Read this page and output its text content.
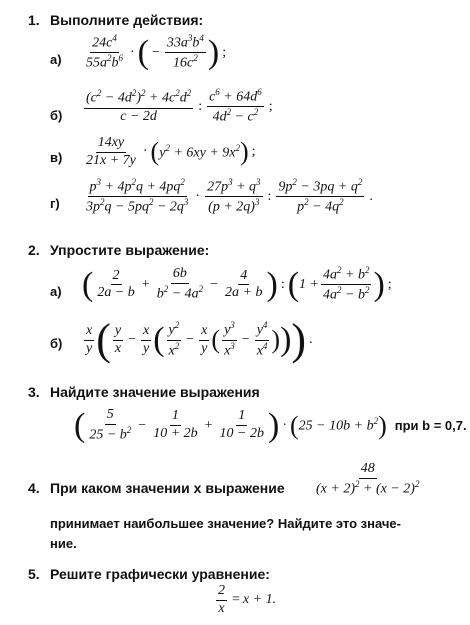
1. Выполните действия:
$а) \frac{24c^4}{55a^2b^6}$ · ( − $\frac{33a^3b^4}{16c^2}$ ) ;
$б) \frac{(c^2 - 4d^2)^2 + 4c^2d^2}{c - 2d}$ : $\frac{c^6 + 64d^6}{4d^2 - c^2}$ ;
$в) \frac{14xy}{21x + 7y}$ · ( $y^2 + 6xy + 9x^2$ ) ;
$г) \frac{p^3 + 4p^2q + 4pq^2}{3p^2q - 5pq^2 - 2q^3} \cdot \frac{27p^3 + q^3}{(p + 2q)^3}$ : $\frac{9p^2 - 3pq + q^2}{p^2 - 4q^2}$ .
2. Упростите выражение:
а) ( $\frac{2}{2a - b} + \frac{6b}{b^2 - 4a^2} - \frac{4}{2a + b}$ ) : ( $1 + \frac{4a^2 + b^2}{4a^2 - b^2}$ ) ;
$б) \frac{x}{y}$ ( $\frac{y}{x} - \frac{x}{y}$ ( $\frac{y^2}{x^2} - \frac{x}{y}$ ( $\frac{y^3}{x^3} - \frac{y^4}{x^4}$ ) ) ) .
3. Найдите значение выражения
( $\frac{5}{25 - b^2} - \frac{1}{10 + 2b} + \frac{1}{10 - 2b}$ ) · ( $25 - 10b + b^2$ ) при b = 0,7.
4. При каком значении x выражение $\frac{48}{(x + 2)^2 + (x - 2)^2}$
принимает наибольшее значение? Найдите это значе-
ние.
5. Решите графически уравнение:
$\frac{2}{x} = x + 1$.
